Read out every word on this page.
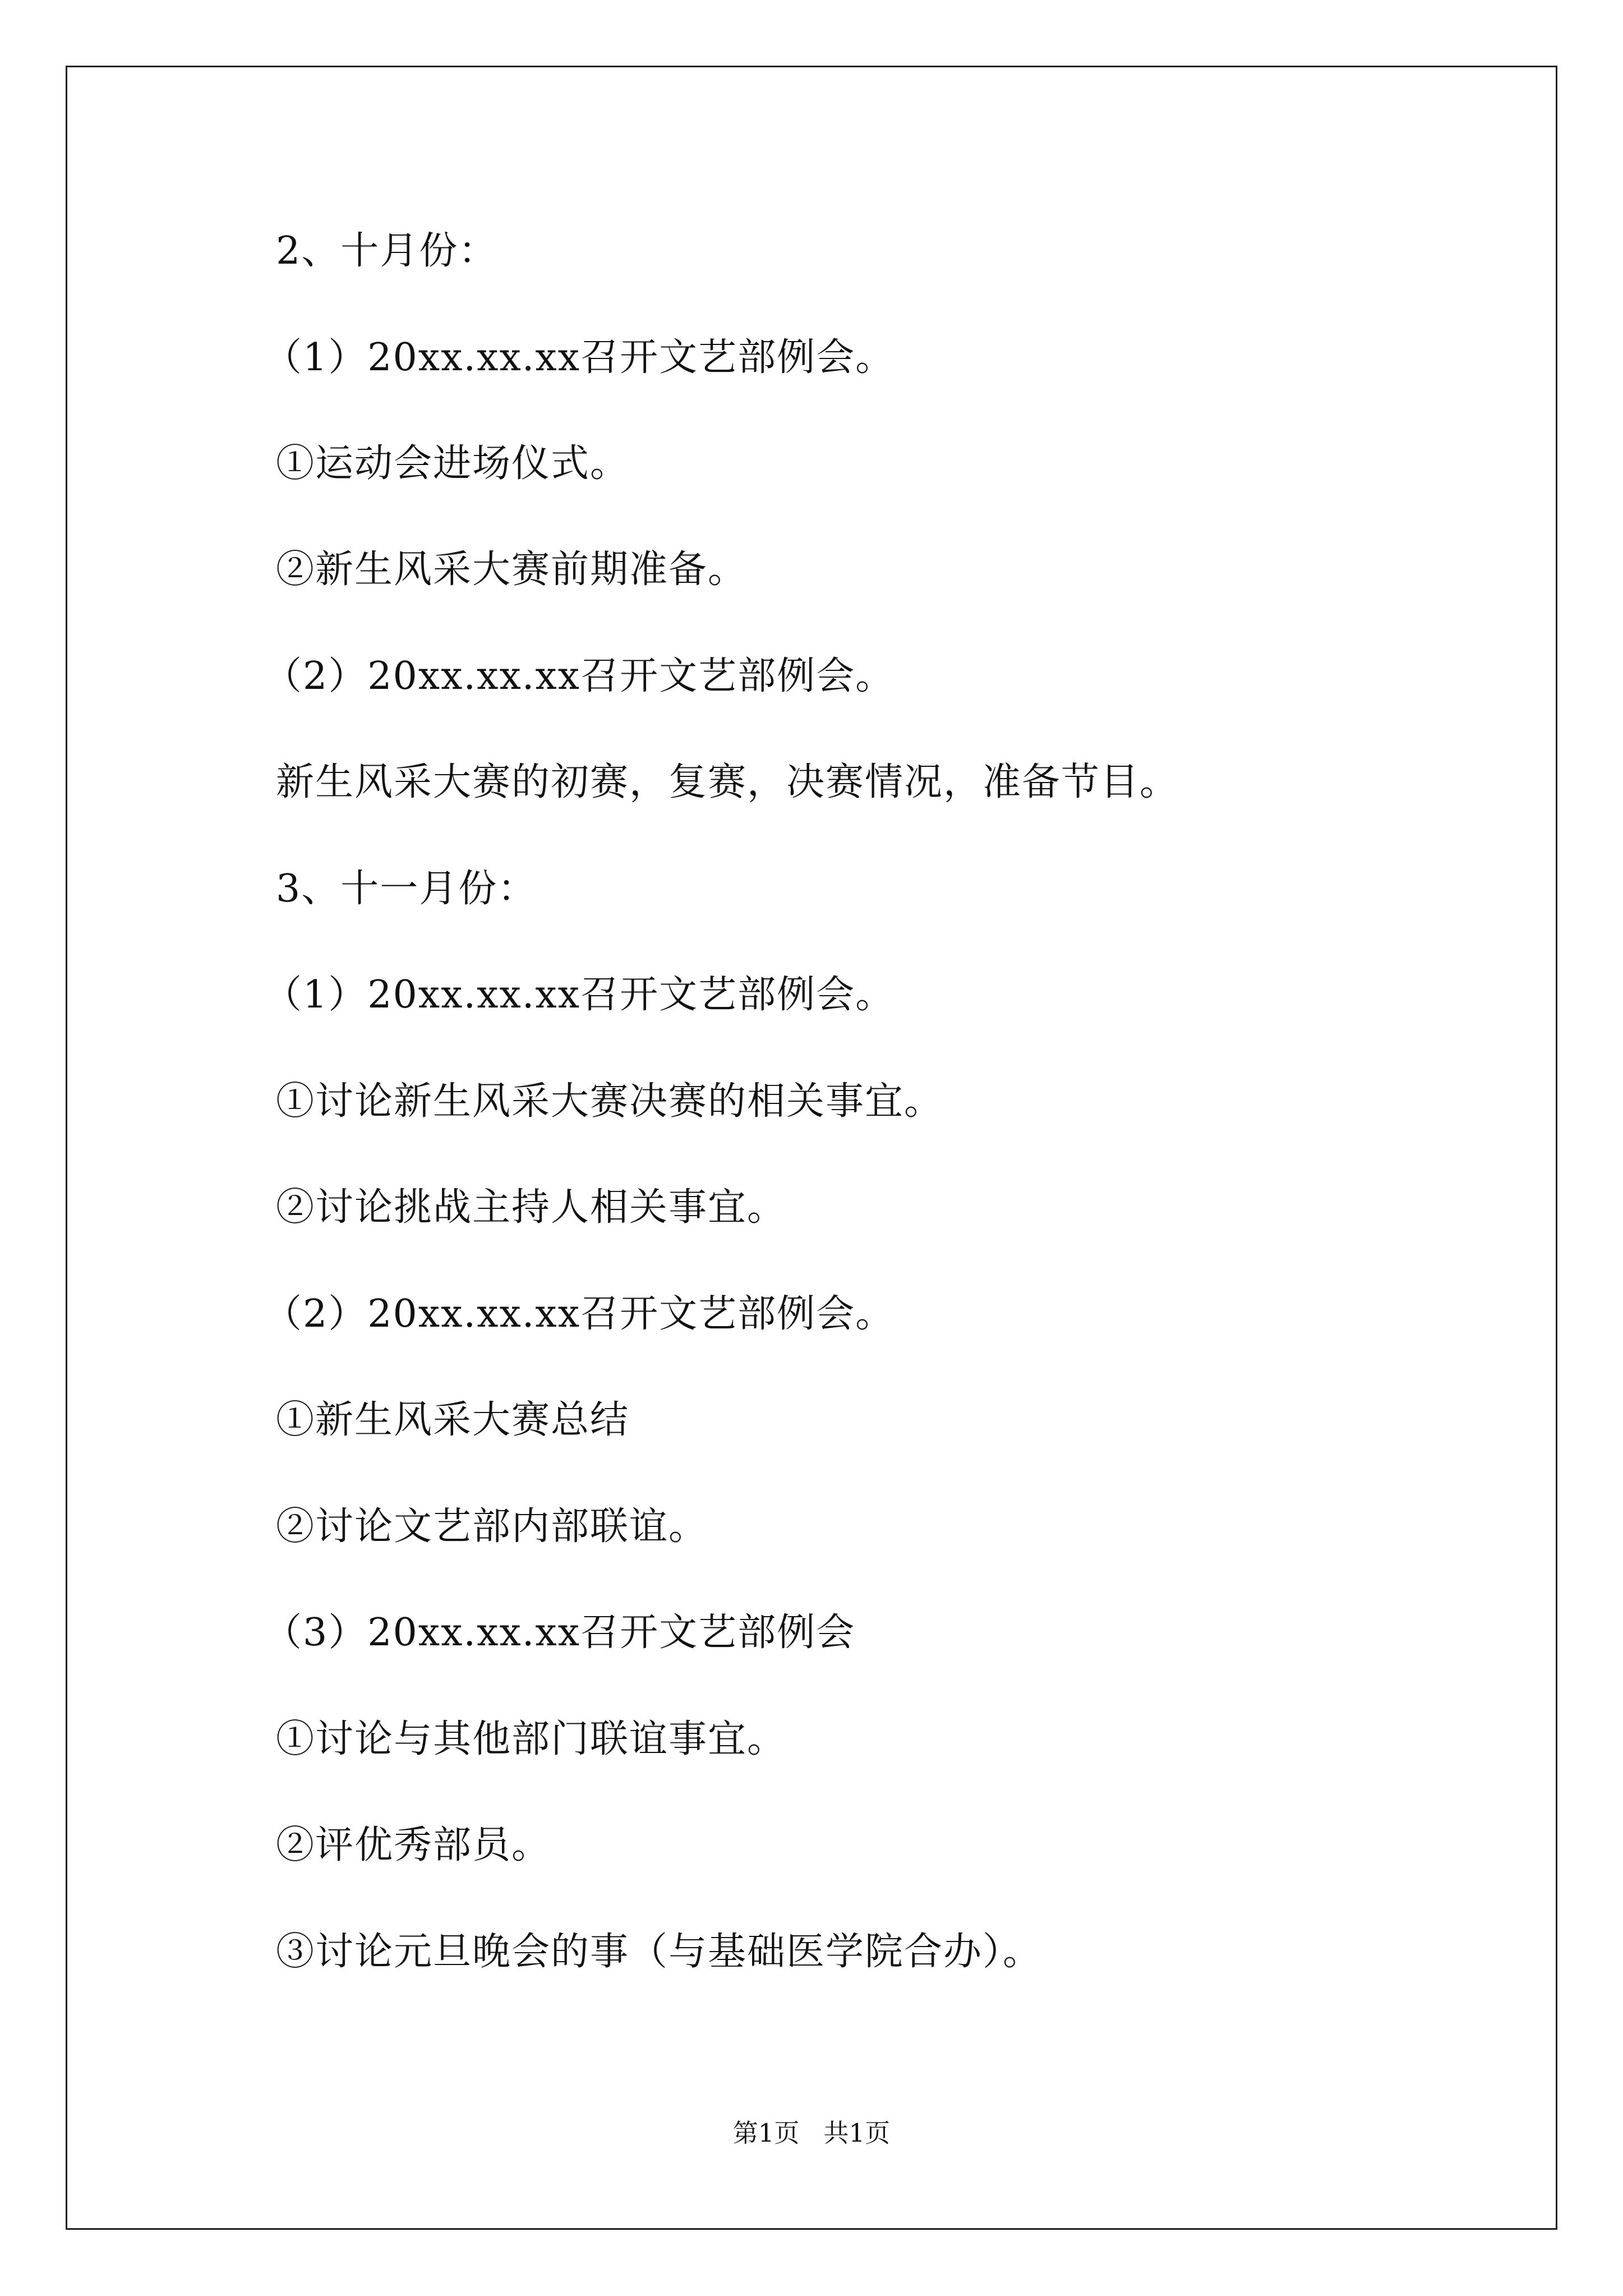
2、十月份：
（1）20xx.xx.xx召开文艺部例会。
①运动会进场仪式。
②新生风采大赛前期准备。
（2）20xx.xx.xx召开文艺部例会。
新生风采大赛的初赛，复赛，决赛情况，准备节目。
3、十一月份：
（1）20xx.xx.xx召开文艺部例会。
①讨论新生风采大赛决赛的相关事宜。
②讨论挑战主持人相关事宜。
（2）20xx.xx.xx召开文艺部例会。
①新生风采大赛总结
②讨论文艺部内部联谊。
（3）20xx.xx.xx召开文艺部例会
①讨论与其他部门联谊事宜。
②评优秀部员。
③讨论元旦晚会的事（与基础医学院合办）。
第1页   共1页
